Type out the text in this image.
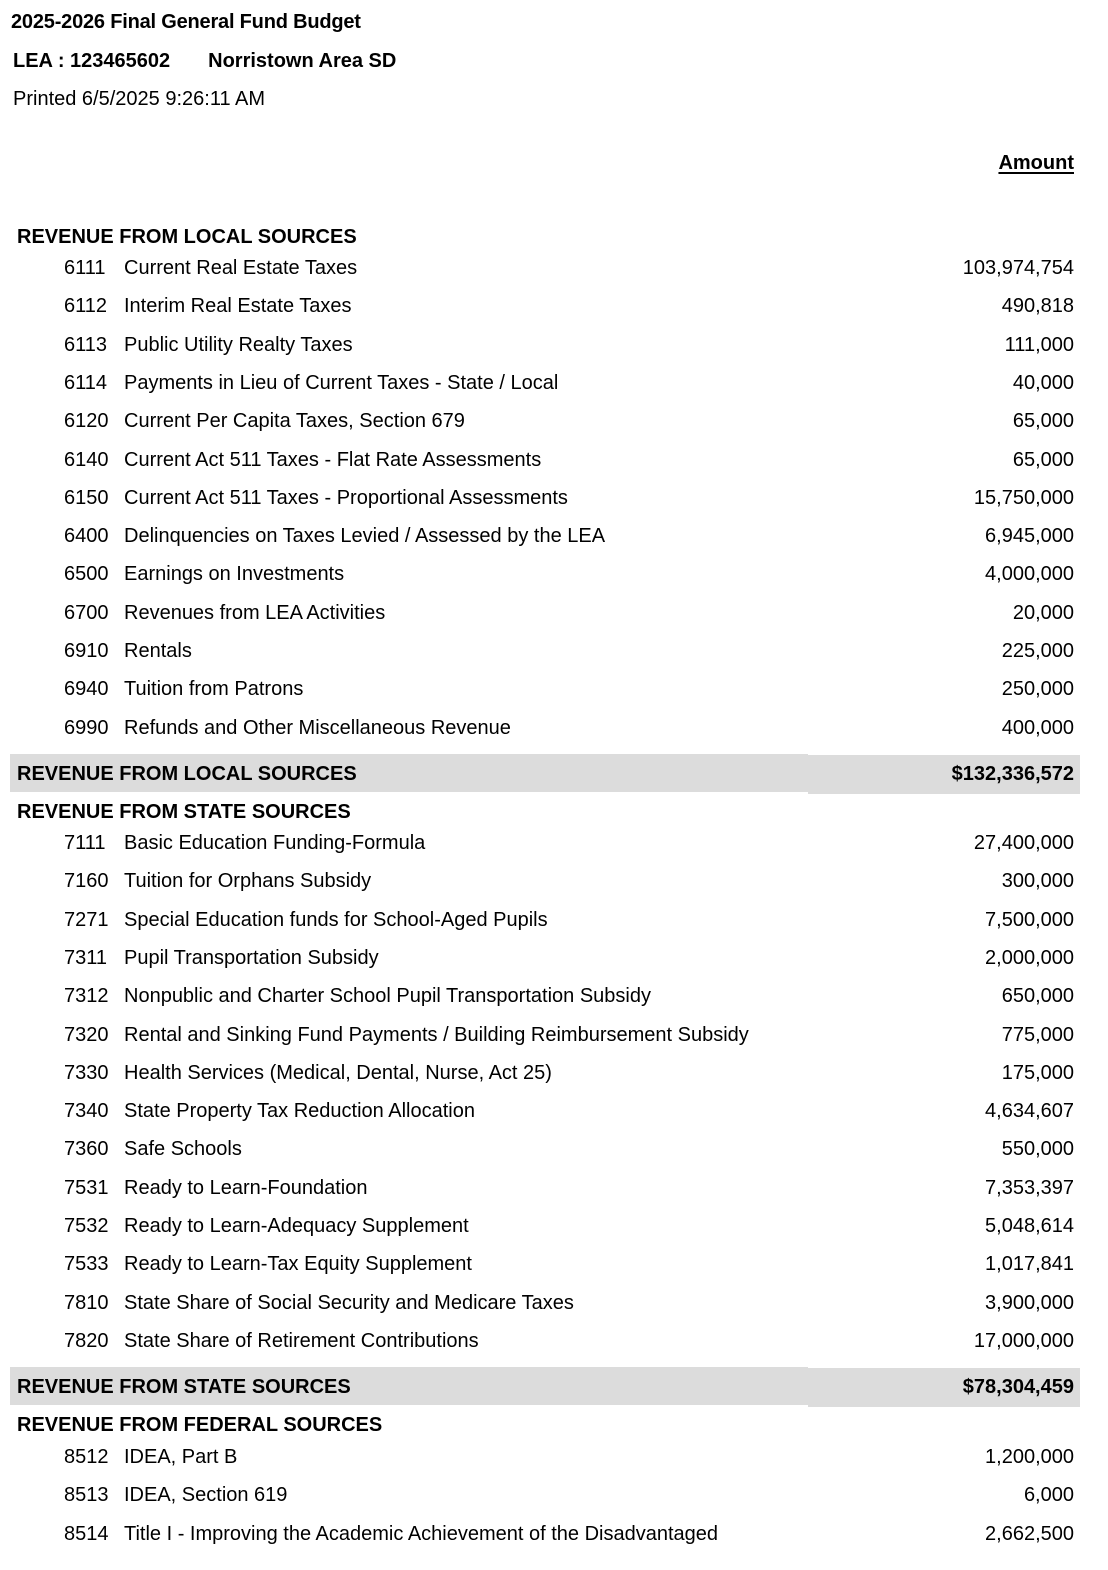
2025-2026 Final General Fund Budget
LEA : 123465602 Norristown Area SD
Printed 6/5/2025 9:26:11 AM
Amount
REVENUE FROM LOCAL SOURCES
6111 Current Real Estate Taxes	103,974,754
6112 Interim Real Estate Taxes	490,818
6113 Public Utility Realty Taxes	111,000
6114 Payments in Lieu of Current Taxes - State / Local	40,000
6120 Current Per Capita Taxes, Section 679	65,000
6140 Current Act 511 Taxes - Flat Rate Assessments	65,000
6150 Current Act 511 Taxes - Proportional Assessments	15,750,000
6400 Delinquencies on Taxes Levied / Assessed by the LEA	6,945,000
6500 Earnings on Investments	4,000,000
6700 Revenues from LEA Activities	20,000
6910 Rentals	225,000
6940 Tuition from Patrons	250,000
6990 Refunds and Other Miscellaneous Revenue	400,000
REVENUE FROM LOCAL SOURCES	$132,336,572
REVENUE FROM STATE SOURCES
7111 Basic Education Funding-Formula	27,400,000
7160 Tuition for Orphans Subsidy	300,000
7271 Special Education funds for School-Aged Pupils	7,500,000
7311 Pupil Transportation Subsidy	2,000,000
7312 Nonpublic and Charter School Pupil Transportation Subsidy	650,000
7320 Rental and Sinking Fund Payments / Building Reimbursement Subsidy	775,000
7330 Health Services (Medical, Dental, Nurse, Act 25)	175,000
7340 State Property Tax Reduction Allocation	4,634,607
7360 Safe Schools	550,000
7531 Ready to Learn-Foundation	7,353,397
7532 Ready to Learn-Adequacy Supplement	5,048,614
7533 Ready to Learn-Tax Equity Supplement	1,017,841
7810 State Share of Social Security and Medicare Taxes	3,900,000
7820 State Share of Retirement Contributions	17,000,000
REVENUE FROM STATE SOURCES	$78,304,459
REVENUE FROM FEDERAL SOURCES
8512 IDEA, Part B	1,200,000
8513 IDEA, Section 619	6,000
8514 Title I - Improving the Academic Achievement of the Disadvantaged	2,662,500
